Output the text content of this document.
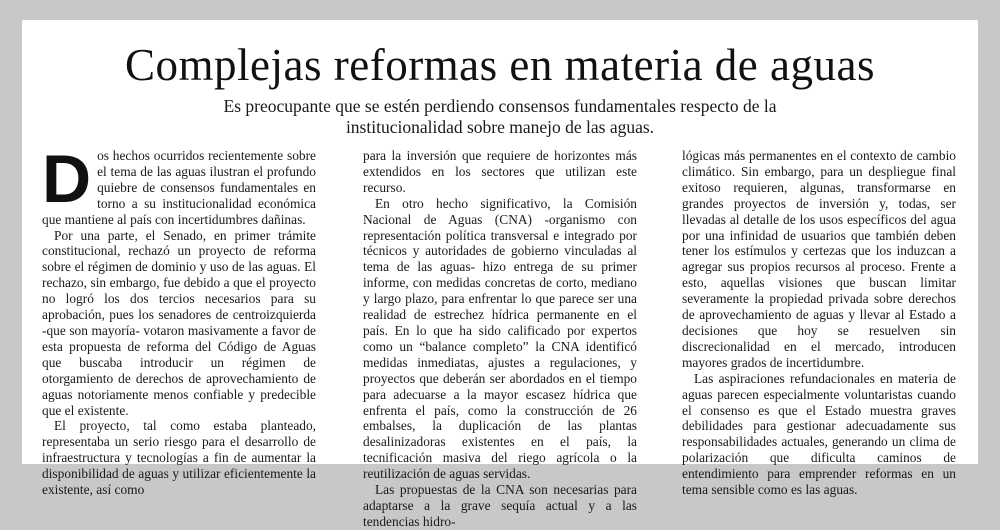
Complejas reformas en materia de aguas

Es preocupante que se estén perdiendo consensos fundamentales respecto de la institucionalidad sobre manejo de las aguas.

Dos hechos ocurridos recientemente sobre el tema de las aguas ilustran el profundo quiebre de consensos fundamentales en torno a su institucionalidad económica que mantiene al país con incertidumbres dañinas.

Por una parte, el Senado, en primer trámite constitucional, rechazó un proyecto de reforma sobre el régimen de dominio y uso de las aguas. El rechazo, sin embargo, fue debido a que el proyecto no logró los dos tercios necesarios para su aprobación, pues los senadores de centroizquierda -que son mayoría- votaron masivamente a favor de esta propuesta de reforma del Código de Aguas que buscaba introducir un régimen de otorgamiento de derechos de aprovechamiento de aguas notoriamente menos confiable y predecible que el existente.

El proyecto, tal como estaba planteado, representaba un serio riesgo para el desarrollo de infraestructura y tecnologías a fin de aumentar la disponibilidad de aguas y utilizar eficientemente la existente, así como

para la inversión que requiere de horizontes más extendidos en los sectores que utilizan este recurso.

En otro hecho significativo, la Comisión Nacional de Aguas (CNA) -organismo con representación política transversal e integrado por técnicos y autoridades de gobierno vinculadas al tema de las aguas- hizo entrega de su primer informe, con medidas concretas de corto, mediano y largo plazo, para enfrentar lo que parece ser una realidad de estrechez hídrica permanente en el país. En lo que ha sido calificado por expertos como un “balance completo” la CNA identificó medidas inmediatas, ajustes a regulaciones, y proyectos que deberán ser abordados en el tiempo para adecuarse a la mayor escasez hídrica que enfrenta el país, como la construcción de 26 embalses, la duplicación de las plantas desalinizadoras existentes en el país, la tecnificación masiva del riego agrícola o la reutilización de aguas servidas.

Las propuestas de la CNA son necesarias para adaptarse a la grave sequía actual y a las tendencias hidro-

lógicas más permanentes en el contexto de cambio climático. Sin embargo, para un despliegue final exitoso requieren, algunas, transformarse en grandes proyectos de inversión y, todas, ser llevadas al detalle de los usos específicos del agua por una infinidad de usuarios que también deben tener los estímulos y certezas que los induzcan a agregar sus propios recursos al proceso. Frente a esto, aquellas visiones que buscan limitar severamente la propiedad privada sobre derechos de aprovechamiento de aguas y llevar al Estado a decisiones que hoy se resuelven sin discrecionalidad en el mercado, introducen mayores grados de incertidumbre.

Las aspiraciones refundacionales en materia de aguas parecen especialmente voluntaristas cuando el consenso es que el Estado muestra graves debilidades para gestionar adecuadamente sus responsabilidades actuales, generando un clima de polarización que dificulta caminos de entendimiento para emprender reformas en un tema sensible como es las aguas.
